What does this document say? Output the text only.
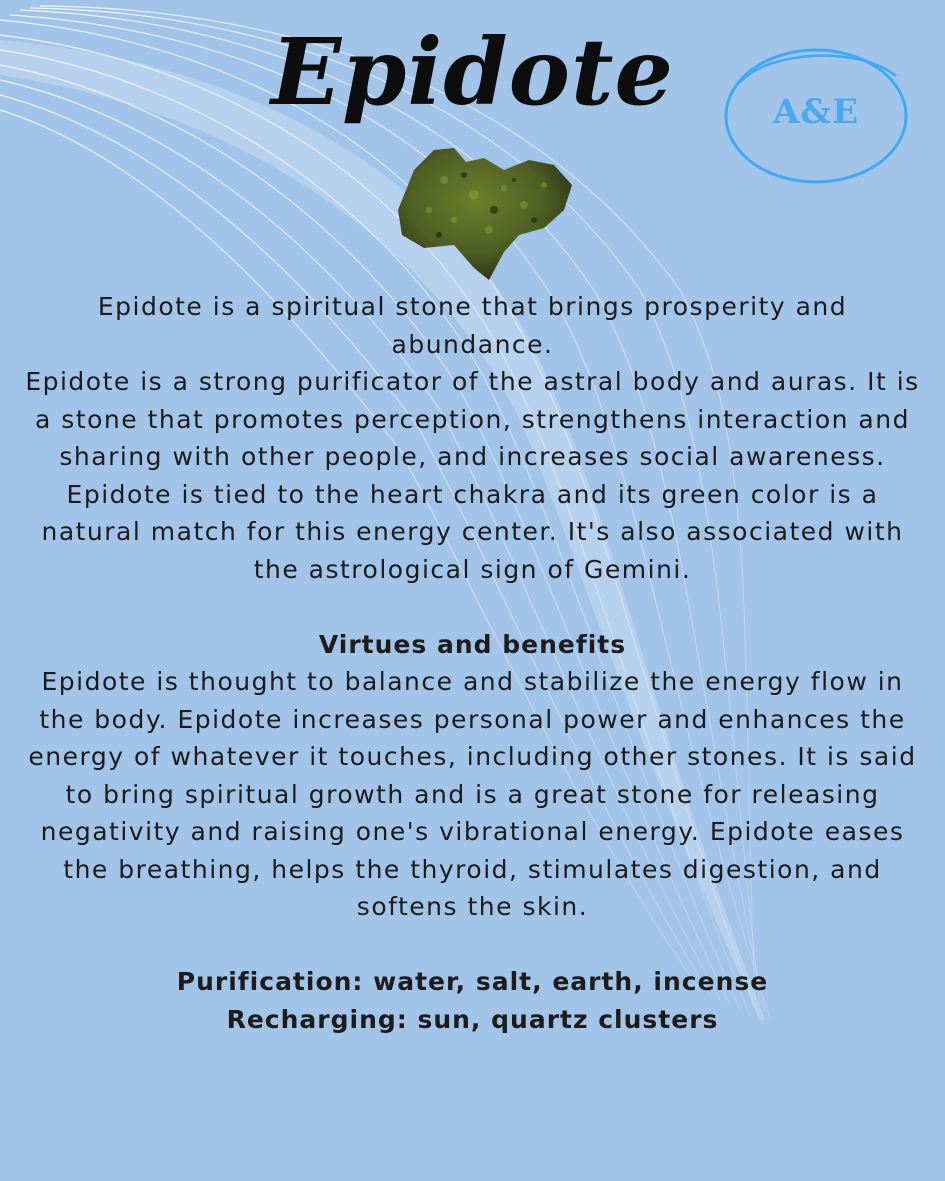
Epidote	A&E

Epidote is a spiritual stone that brings prosperity and abundance.

Epidote is a strong purificator of the astral body and auras. It is a stone that promotes perception, strengthens interaction and sharing with other people, and increases social awareness. Epidote is tied to the heart chakra and its green color is a natural match for this energy center. It's also associated with the astrological sign of Gemini.

Virtues and benefits

Epidote is thought to balance and stabilize the energy flow in the body. Epidote increases personal power and enhances the energy of whatever it touches, including other stones. It is said to bring spiritual growth and is a great stone for releasing negativity and raising one's vibrational energy. Epidote eases the breathing, helps the thyroid, stimulates digestion, and softens the skin.

Purification: water, salt, earth, incense

Recharging: sun, quartz clusters
